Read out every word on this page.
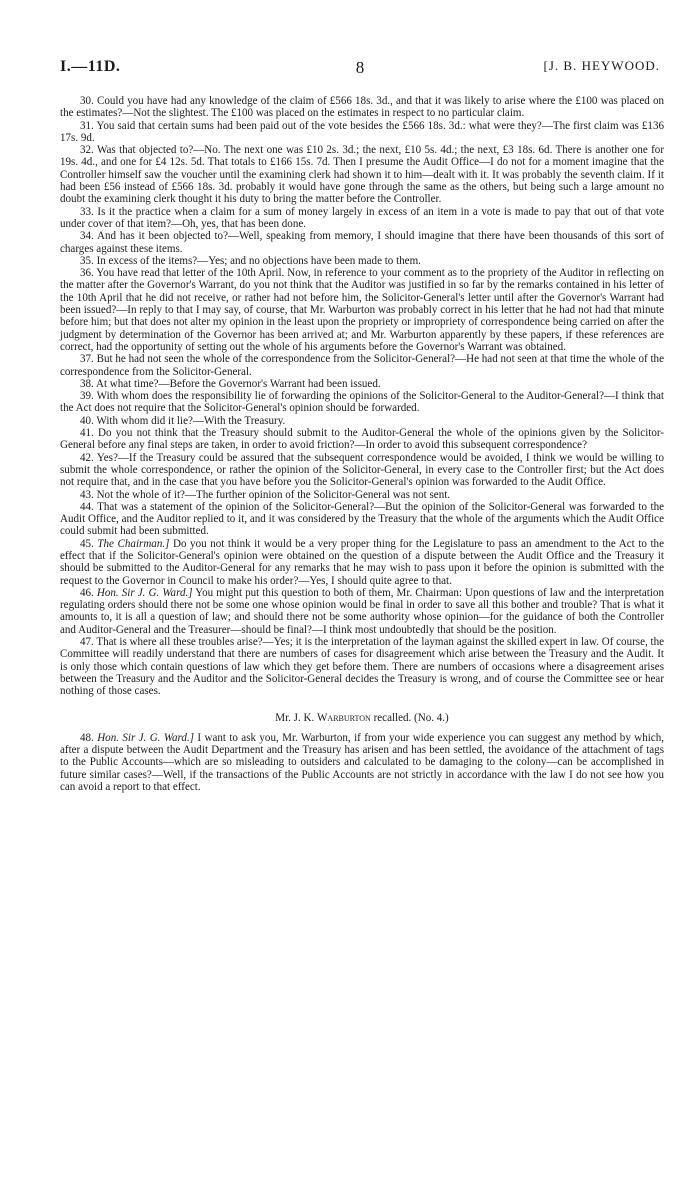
I.—11D.	8	[J. B. HEYWOOD.

30. Could you have had any knowledge of the claim of £566 18s. 3d., and that it was likely to arise where the £100 was placed on the estimates?—Not the slightest. The £100 was placed on the estimates in respect to no particular claim.

31. You said that certain sums had been paid out of the vote besides the £566 18s. 3d.: what were they?—The first claim was £136 17s. 9d.

32. Was that objected to?—No. The next one was £10 2s. 3d.; the next, £10 5s. 4d.; the next, £3 18s. 6d. There is another one for 19s. 4d., and one for £4 12s. 5d. That totals to £166 15s. 7d. Then I presume the Audit Office—I do not for a moment imagine that the Controller himself saw the voucher until the examining clerk had shown it to him—dealt with it. It was probably the seventh claim. If it had been £56 instead of £566 18s. 3d. probably it would have gone through the same as the others, but being such a large amount no doubt the examining clerk thought it his duty to bring the matter before the Controller.

33. Is it the practice when a claim for a sum of money largely in excess of an item in a vote is made to pay that out of that vote under cover of that item?—Oh, yes, that has been done.

34. And has it been objected to?—Well, speaking from memory, I should imagine that there have been thousands of this sort of charges against these items.

35. In excess of the items?—Yes; and no objections have been made to them.

36. You have read that letter of the 10th April. Now, in reference to your comment as to the propriety of the Auditor in reflecting on the matter after the Governor's Warrant, do you not think that the Auditor was justified in so far by the remarks contained in his letter of the 10th April that he did not receive, or rather had not before him, the Solicitor-General's letter until after the Governor's Warrant had been issued?—In reply to that I may say, of course, that Mr. Warburton was probably correct in his letter that he had not had that minute before him; but that does not alter my opinion in the least upon the propriety or impropriety of correspondence being carried on after the judgment by determination of the Governor has been arrived at; and Mr. Warburton apparently by these papers, if these references are correct, had the opportunity of setting out the whole of his arguments before the Governor's Warrant was obtained.

37. But he had not seen the whole of the correspondence from the Solicitor-General?—He had not seen at that time the whole of the correspondence from the Solicitor-General.

38. At what time?—Before the Governor's Warrant had been issued.

39. With whom does the responsibility lie of forwarding the opinions of the Solicitor-General to the Auditor-General?—I think that the Act does not require that the Solicitor-General's opinion should be forwarded.

40. With whom did it lie?—With the Treasury.

41. Do you not think that the Treasury should submit to the Auditor-General the whole of the opinions given by the Solicitor-General before any final steps are taken, in order to avoid friction?—In order to avoid this subsequent correspondence?

42. Yes?—If the Treasury could be assured that the subsequent correspondence would be avoided, I think we would be willing to submit the whole correspondence, or rather the opinion of the Solicitor-General, in every case to the Controller first; but the Act does not require that, and in the case that you have before you the Solicitor-General's opinion was forwarded to the Audit Office.

43. Not the whole of it?—The further opinion of the Solicitor-General was not sent.

44. That was a statement of the opinion of the Solicitor-General?—But the opinion of the Solicitor-General was forwarded to the Audit Office, and the Auditor replied to it, and it was considered by the Treasury that the whole of the arguments which the Audit Office could submit had been submitted.

45. The Chairman.] Do you not think it would be a very proper thing for the Legislature to pass an amendment to the Act to the effect that if the Solicitor-General's opinion were obtained on the question of a dispute between the Audit Office and the Treasury it should be submitted to the Auditor-General for any remarks that he may wish to pass upon it before the opinion is submitted with the request to the Governor in Council to make his order?—Yes, I should quite agree to that.

46. Hon. Sir J. G. Ward.] You might put this question to both of them, Mr. Chairman: Upon questions of law and the interpretation regulating orders should there not be some one whose opinion would be final in order to save all this bother and trouble? That is what it amounts to, it is all a question of law; and should there not be some authority whose opinion—for the guidance of both the Controller and Auditor-General and the Treasurer—should be final?—I think most undoubtedly that should be the position.

47. That is where all these troubles arise?—Yes; it is the interpretation of the layman against the skilled expert in law. Of course, the Committee will readily understand that there are numbers of cases for disagreement which arise between the Treasury and the Audit. It is only those which contain questions of law which they get before them. There are numbers of occasions where a disagreement arises between the Treasury and the Auditor and the Solicitor-General decides the Treasury is wrong, and of course the Committee see or hear nothing of those cases.

Mr. J. K. Warburton recalled. (No. 4.)

48. Hon. Sir J. G. Ward.] I want to ask you, Mr. Warburton, if from your wide experience you can suggest any method by which, after a dispute between the Audit Department and the Treasury has arisen and has been settled, the avoidance of the attachment of tags to the Public Accounts—which are so misleading to outsiders and calculated to be damaging to the colony—can be accomplished in future similar cases?—Well, if the transactions of the Public Accounts are not strictly in accordance with the law I do not see how you can avoid a report to that effect.
